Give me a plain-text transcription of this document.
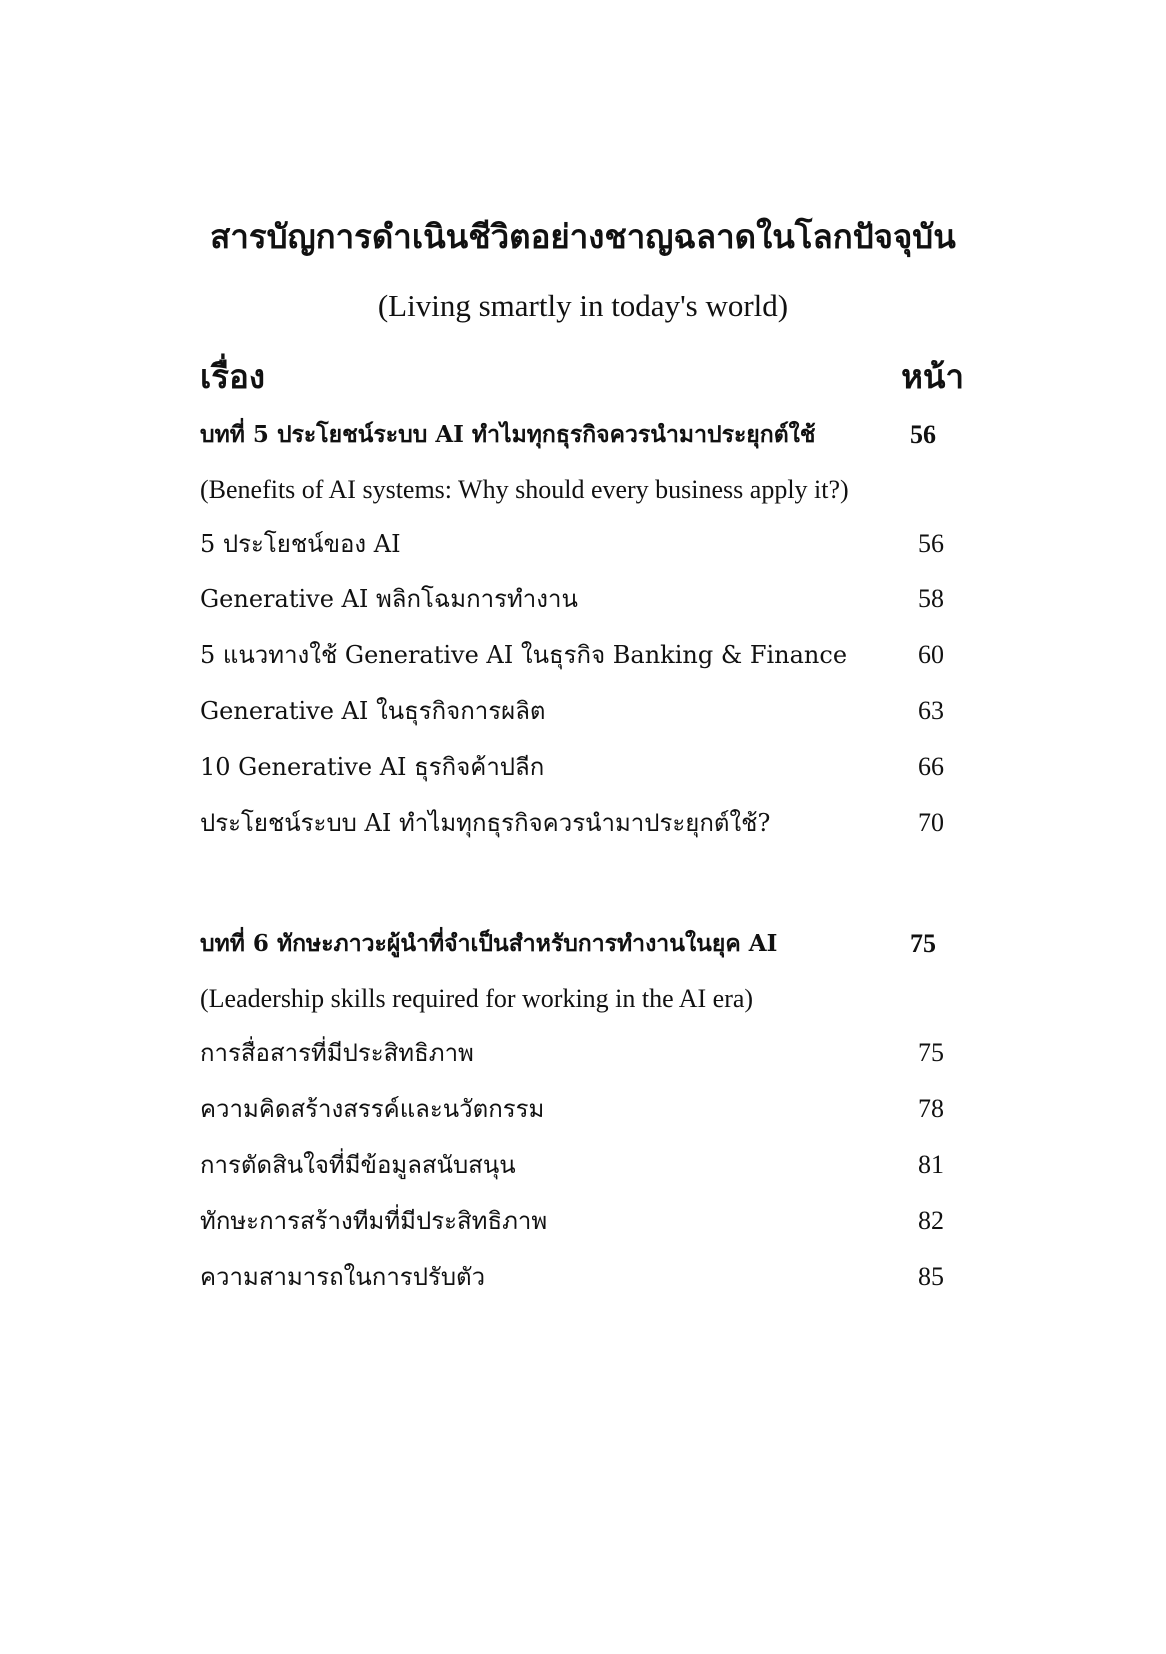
สารบัญการดำเนินชีวิตอย่างชาญฉลาดในโลกปัจจุบัน
(Living smartly in today's world)
เรื่อง	หน้า
บทที่ 5 ประโยชน์ระบบ AI ทำไมทุกธุรกิจควรนำมาประยุกต์ใช้	56
(Benefits of AI systems: Why should every business apply it?)
5 ประโยชน์ของ AI	56
Generative AI พลิกโฉมการทำงาน	58
5 แนวทางใช้ Generative AI ในธุรกิจ Banking & Finance	60
Generative AI ในธุรกิจการผลิต	63
10 Generative AI ธุรกิจค้าปลีก	66
ประโยชน์ระบบ AI ทำไมทุกธุรกิจควรนำมาประยุกต์ใช้?	70
บทที่ 6 ทักษะภาวะผู้นำที่จำเป็นสำหรับการทำงานในยุค AI	75
(Leadership skills required for working in the AI era)
การสื่อสารที่มีประสิทธิภาพ	75
ความคิดสร้างสรรค์และนวัตกรรม	78
การตัดสินใจที่มีข้อมูลสนับสนุน	81
ทักษะการสร้างทีมที่มีประสิทธิภาพ	82
ความสามารถในการปรับตัว	85
